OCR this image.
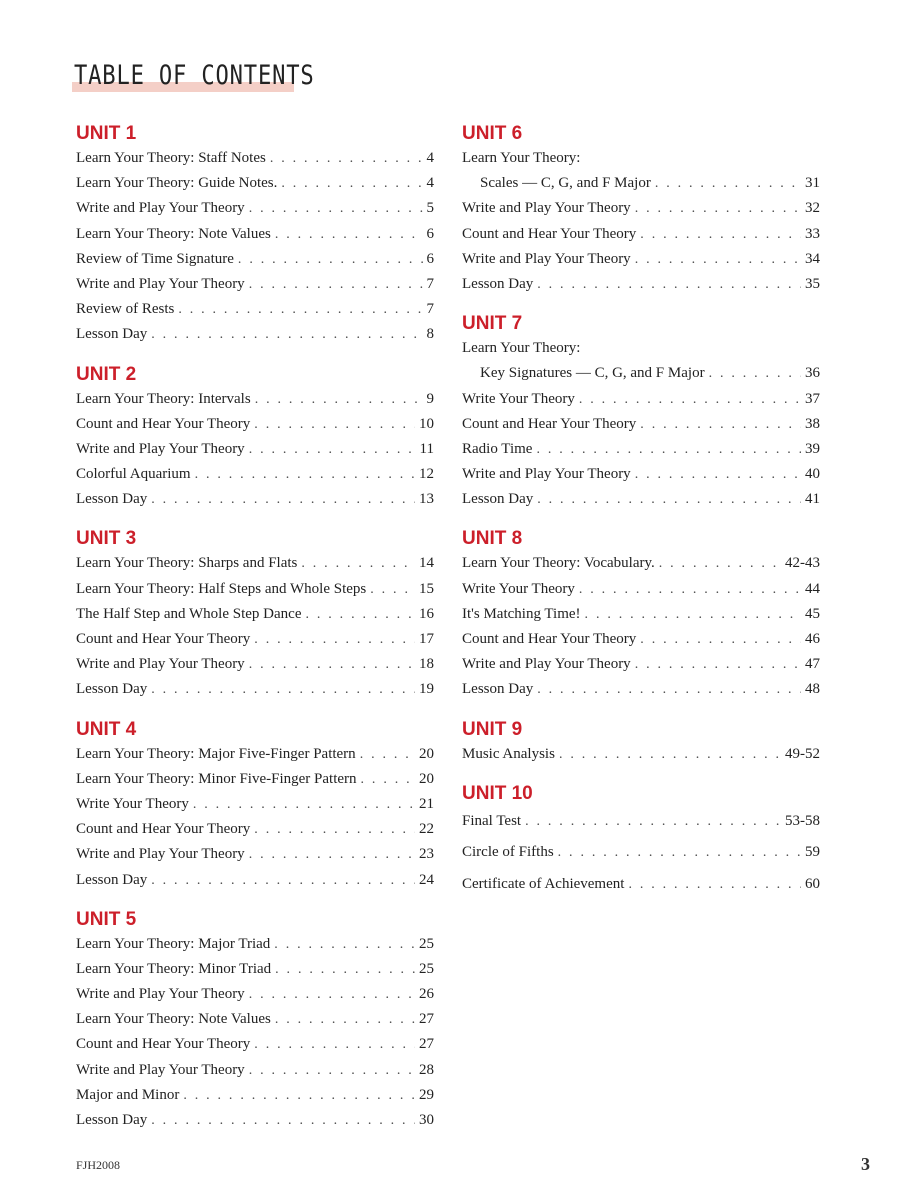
TABLE OF CONTENTS
UNIT 1
Learn Your Theory: Staff Notes . . .	4
Learn Your Theory: Guide Notes. . . .	4
Write and Play Your Theory . . .	5
Learn Your Theory: Note Values . . .	6
Review of Time Signature . . .	6
Write and Play Your Theory . . .	7
Review of Rests . . .	7
Lesson Day . . .	8
UNIT 2
Learn Your Theory: Intervals . . .	9
Count and Hear Your Theory . . .	10
Write and Play Your Theory . . .	11
Colorful Aquarium . . .	12
Lesson Day . . .	13
UNIT 3
Learn Your Theory: Sharps and Flats . . .	14
Learn Your Theory: Half Steps and Whole Steps . . .	15
The Half Step and Whole Step Dance . . .	16
Count and Hear Your Theory . . .	17
Write and Play Your Theory . . .	18
Lesson Day . . .	19
UNIT 4
Learn Your Theory: Major Five-Finger Pattern . . .	20
Learn Your Theory: Minor Five-Finger Pattern . . .	20
Write Your Theory . . .	21
Count and Hear Your Theory . . .	22
Write and Play Your Theory . . .	23
Lesson Day . . .	24
UNIT 5
Learn Your Theory: Major Triad . . .	25
Learn Your Theory: Minor Triad . . .	25
Write and Play Your Theory . . .	26
Learn Your Theory: Note Values . . .	27
Count and Hear Your Theory . . .	27
Write and Play Your Theory . . .	28
Major and Minor . . .	29
Lesson Day . . .	30
UNIT 6
Learn Your Theory:
Scales — C, G, and F Major . . .	31
Write and Play Your Theory . . .	32
Count and Hear Your Theory . . .	33
Write and Play Your Theory . . .	34
Lesson Day . . .	35
UNIT 7
Learn Your Theory:
Key Signatures — C, G, and F Major . . .	36
Write Your Theory . . .	37
Count and Hear Your Theory . . .	38
Radio Time . . .	39
Write and Play Your Theory . . .	40
Lesson Day . . .	41
UNIT 8
Learn Your Theory: Vocabulary. . . .	42-43
Write Your Theory . . .	44
It's Matching Time! . . .	45
Count and Hear Your Theory . . .	46
Write and Play Your Theory . . .	47
Lesson Day . . .	48
UNIT 9
Music Analysis . . .	49-52
UNIT 10
Final Test . . .	53-58
Circle of Fifths . . .	59
Certificate of Achievement . . .	60
FJH2008	3
